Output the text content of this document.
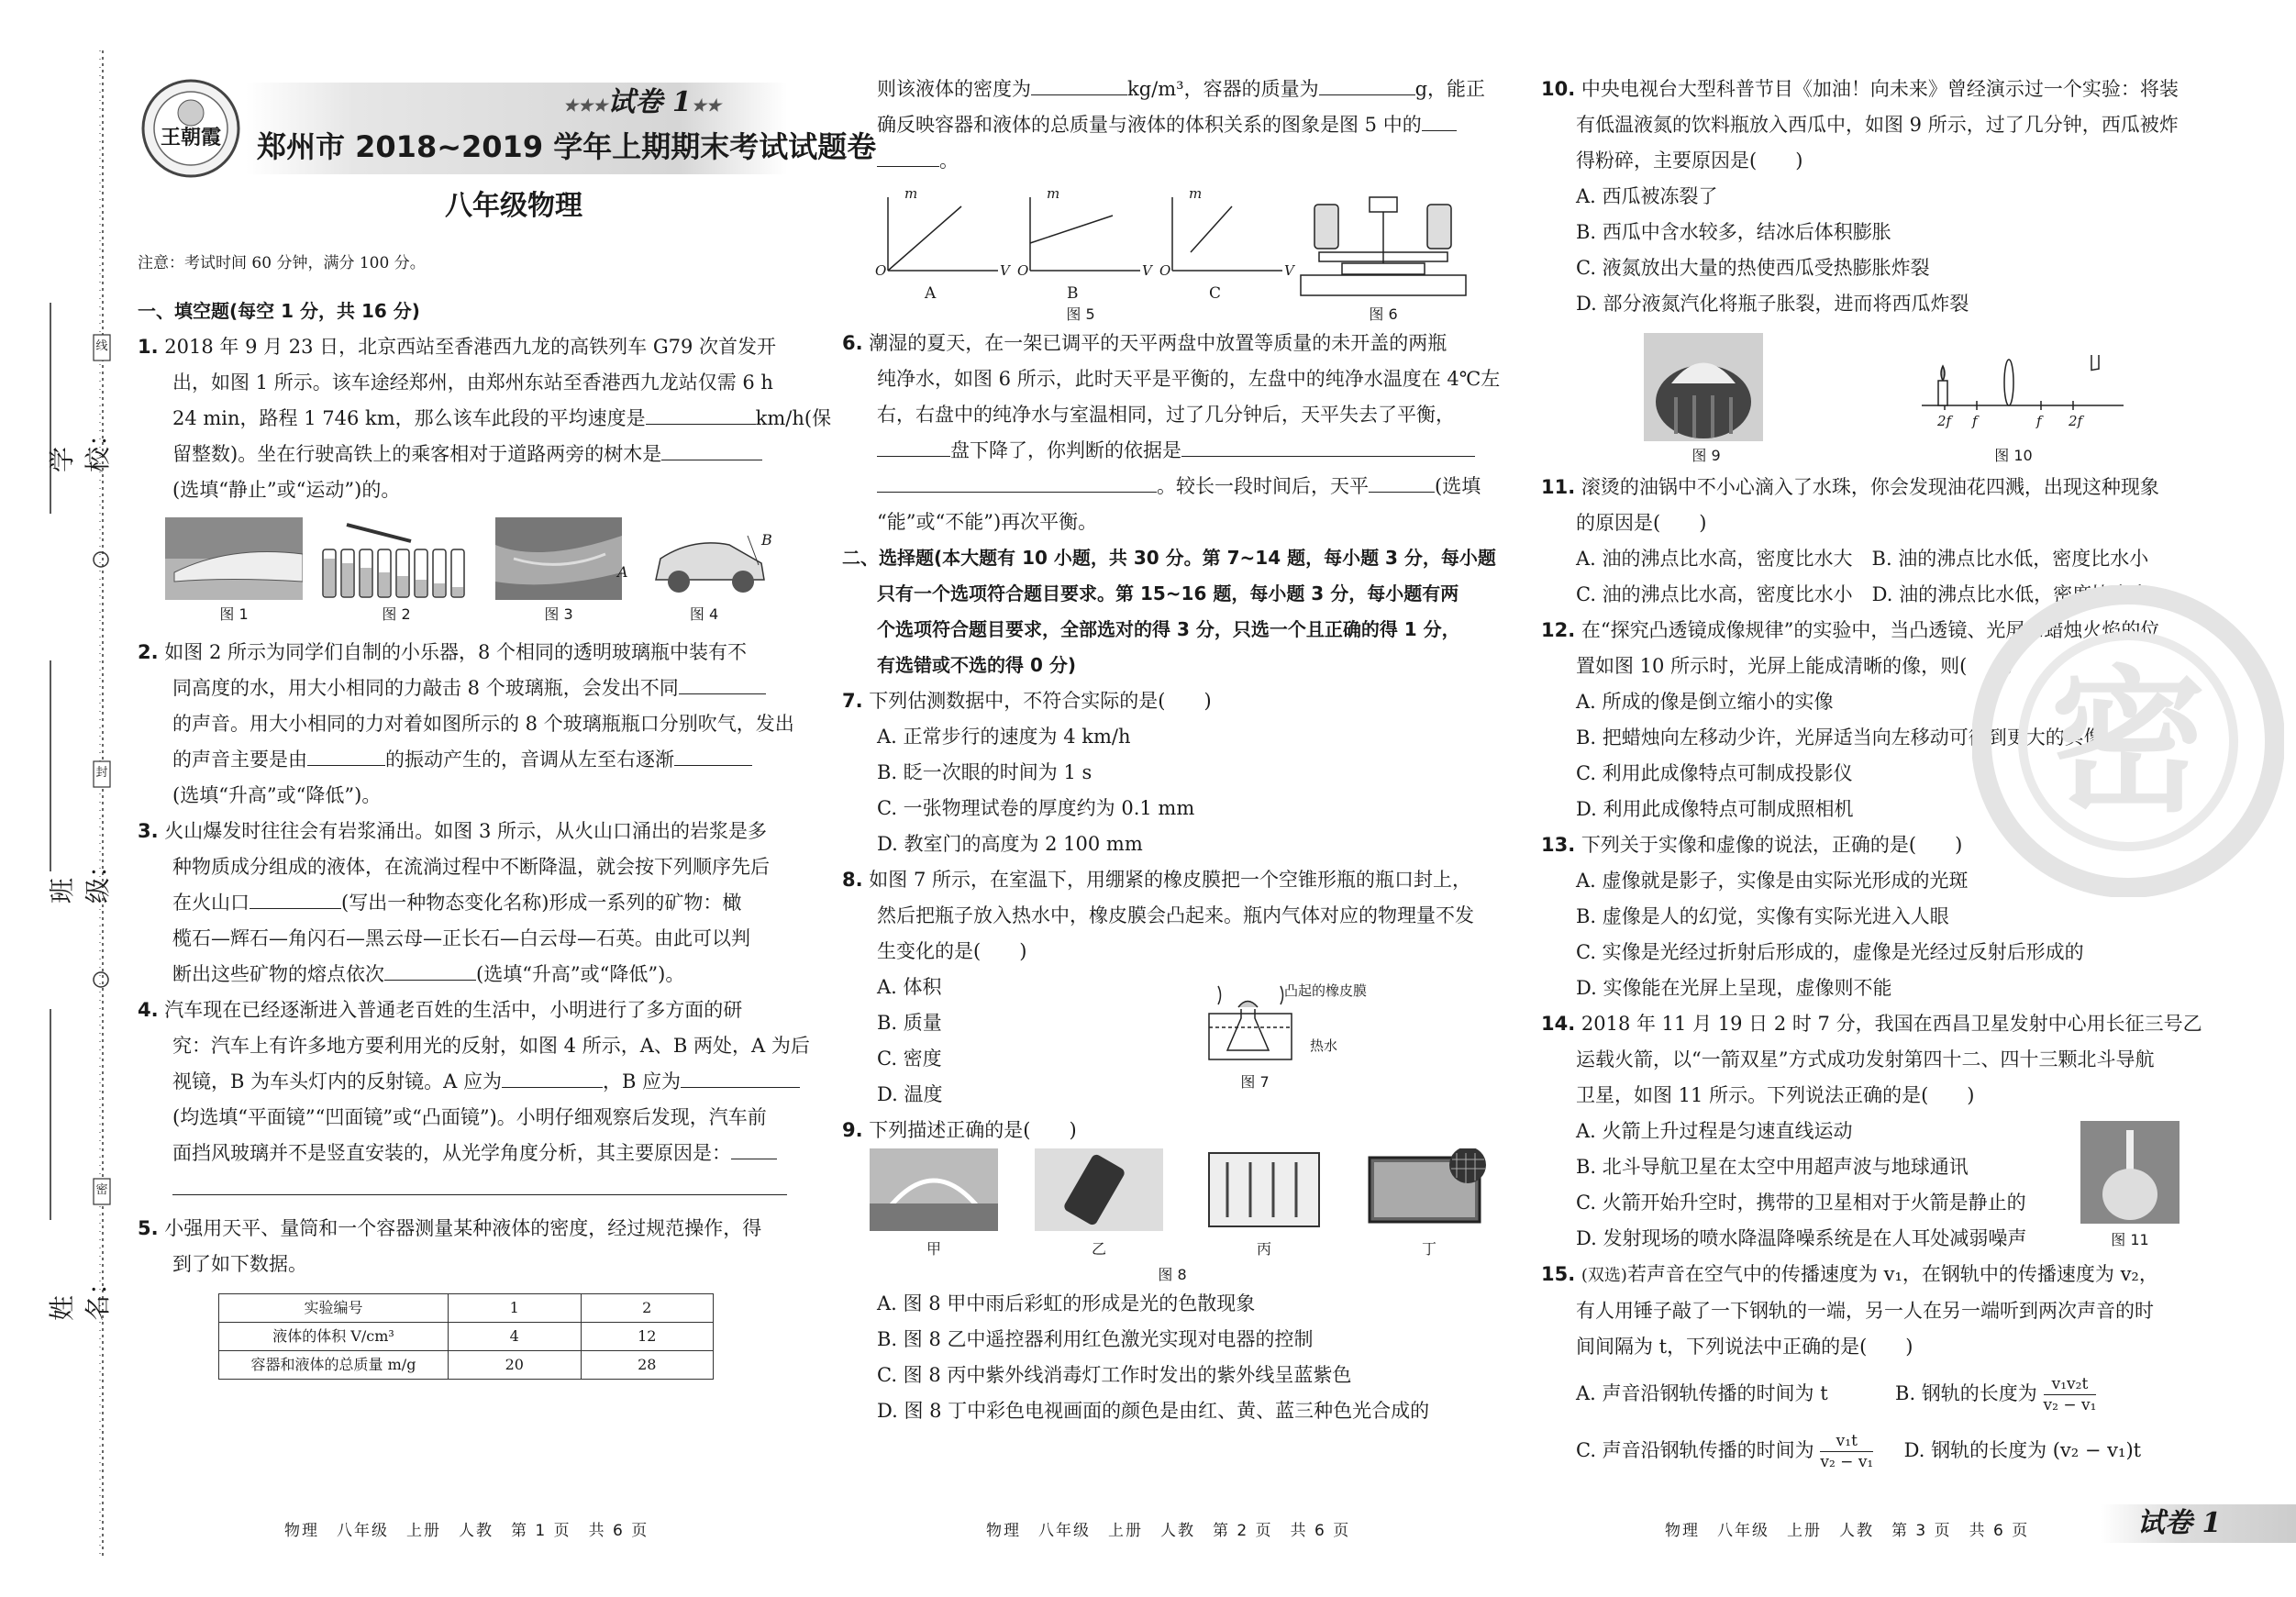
学校：
班级：
姓名：
线
封
密
王朝霞
★★★试卷 1★★
郑州市 2018~2019 学年上期期末考试试题卷
八年级物理
注意：考试时间 60 分钟，满分 100 分。

一、填空题(每空 1 分，共 16 分)

1. 2018 年 9 月 23 日，北京西站至香港西九龙的高铁列车 G79 次首发开

出，如图 1 所示。该车途经郑州，由郑州东站至香港西九龙站仅需 6 h

24 min，路程 1 746 km，那么该车此段的平均速度是	km/h(保

留整数)。坐在行驶高铁上的乘客相对于道路两旁的树木是

(选填“静止”或“运动”)的。

图 1	图 2	图 3
A
B
图 4

2. 如图 2 所示为同学们自制的小乐器，8 个相同的透明玻璃瓶中装有不

同高度的水，用大小相同的力敲击 8 个玻璃瓶，会发出不同

的声音。用大小相同的力对着如图所示的 8 个玻璃瓶瓶口分别吹气，发出

的声音主要是由	的振动产生的，音调从左至右逐渐

(选填“升高”或“降低”)。

3. 火山爆发时往往会有岩浆涌出。如图 3 所示，从火山口涌出的岩浆是多

种物质成分组成的液体，在流淌过程中不断降温，就会按下列顺序先后

在火山口	(写出一种物态变化名称)形成一系列的矿物：橄

榄石—辉石—角闪石—黑云母—正长石—白云母—石英。由此可以判

断出这些矿物的熔点依次	(选填“升高”或“降低”)。

4. 汽车现在已经逐渐进入普通老百姓的生活中，小明进行了多方面的研

究：汽车上有许多地方要利用光的反射，如图 4 所示，A、B 两处，A 为后

视镜，B 为车头灯内的反射镜。A 应为	，B 应为

(均选填“平面镜”“凹面镜”或“凸面镜”)。小明仔细观察后发现，汽车前

面挡风玻璃并不是竖直安装的，从光学角度分析，其主要原因是：

5. 小强用天平、量筒和一个容器测量某种液体的密度，经过规范操作，得

到了如下数据。

实验编号	1	2
液体的体积 V/cm³	4	12
容器和液体的总质量 m/g	20	28

则该液体的密度为	kg/m³，容器的质量为	g，能正

确反映容器和液体的总质量与液体的体积关系的图象是图 5 中的

。

m	m	m
V	V	V
O	O	O
A	B	C
图 5	图 6

6. 潮湿的夏天，在一架已调平的天平两盘中放置等质量的未开盖的两瓶

纯净水，如图 6 所示，此时天平是平衡的，左盘中的纯净水温度在 4℃左

右，右盘中的纯净水与室温相同，过了几分钟后，天平失去了平衡，

盘下降了，你判断的依据是

。较长一段时间后，天平	(选填

“能”或“不能”)再次平衡。

二、选择题(本大题有 10 小题，共 30 分。第 7~14 题，每小题 3 分，每小题

只有一个选项符合题目要求。第 15~16 题，每小题 3 分，每小题有两

个选项符合题目要求，全部选对的得 3 分，只选一个且正确的得 1 分，

有选错或不选的得 0 分)

7. 下列估测数据中，不符合实际的是(　　)

A. 正常步行的速度为 4 km/h

B. 眨一次眼的时间为 1 s

C. 一张物理试卷的厚度约为 0.1 mm

D. 教室门的高度为 2 100 mm

8. 如图 7 所示，在室温下，用绷紧的橡皮膜把一个空锥形瓶的瓶口封上，

然后把瓶子放入热水中，橡皮膜会凸起来。瓶内气体对应的物理量不发

生变化的是(　　)

A. 体积

B. 质量

C. 密度

D. 温度

凸起的橡皮膜
热水
图 7

9. 下列描述正确的是(　　)

甲	乙	丙	丁
图 8

A. 图 8 甲中雨后彩虹的形成是光的色散现象

B. 图 8 乙中遥控器利用红色激光实现对电器的控制

C. 图 8 丙中紫外线消毒灯工作时发出的紫外线呈蓝紫色

D. 图 8 丁中彩色电视画面的颜色是由红、黄、蓝三种色光合成的

密

10. 中央电视台大型科普节目《加油！向未来》曾经演示过一个实验：将装

有低温液氮的饮料瓶放入西瓜中，如图 9 所示，过了几分钟，西瓜被炸

得粉碎，主要原因是(　　)

A. 西瓜被冻裂了

B. 西瓜中含水较多，结冰后体积膨胀

C. 液氮放出大量的热使西瓜受热膨胀炸裂

D. 部分液氮汽化将瓶子胀裂，进而将西瓜炸裂

图 9
2f f	f 2f
图 10

11. 滚烫的油锅中不小心滴入了水珠，你会发现油花四溅，出现这种现象

的原因是(　　)

A. 油的沸点比水高，密度比水大　 B. 油的沸点比水低，密度比水小

C. 油的沸点比水高，密度比水小　 D. 油的沸点比水低，密度比水大

12. 在“探究凸透镜成像规律”的实验中，当凸透镜、光屏和蜡烛火焰的位

置如图 10 所示时，光屏上能成清晰的像，则(　　)

A. 所成的像是倒立缩小的实像

B. 把蜡烛向左移动少许，光屏适当向左移动可得到更大的实像

C. 利用此成像特点可制成投影仪

D. 利用此成像特点可制成照相机

13. 下列关于实像和虚像的说法，正确的是(　　)

A. 虚像就是影子，实像是由实际光形成的光斑

B. 虚像是人的幻觉，实像有实际光进入人眼

C. 实像是光经过折射后形成的，虚像是光经过反射后形成的

D. 实像能在光屏上呈现，虚像则不能

14. 2018 年 11 月 19 日 2 时 7 分，我国在西昌卫星发射中心用长征三号乙

运载火箭，以“一箭双星”方式成功发射第四十二、四十三颗北斗导航

卫星，如图 11 所示。下列说法正确的是(　　)

A. 火箭上升过程是匀速直线运动

B. 北斗导航卫星在太空中用超声波与地球通讯

C. 火箭开始升空时，携带的卫星相对于火箭是静止的

D. 发射现场的喷水降温降噪系统是在人耳处减弱噪声	图 11

15. (双选)若声音在空气中的传播速度为 v₁，在钢轨中的传播速度为 v₂，

有人用锤子敲了一下钢轨的一端，另一人在另一端听到两次声音的时

间间隔为 t，下列说法中正确的是(　　)

A. 声音沿钢轨传播的时间为 t	B. 钢轨的长度为 $\frac{\text{v₁v₂t}}{\text{v₂ − v₁}}$

C. 声音沿钢轨传播的时间为 $\frac{\text{v₁t}}{\text{v₂ − v₁}} D$. 钢轨的长度为 (v₂ − v₁)t

物理　八年级　上册　人教　第 1 页　共 6 页	物理　八年级　上册　人教　第 2 页　共 6 页	物理　八年级　上册　人教　第 3 页　共 6 页	试卷 1
